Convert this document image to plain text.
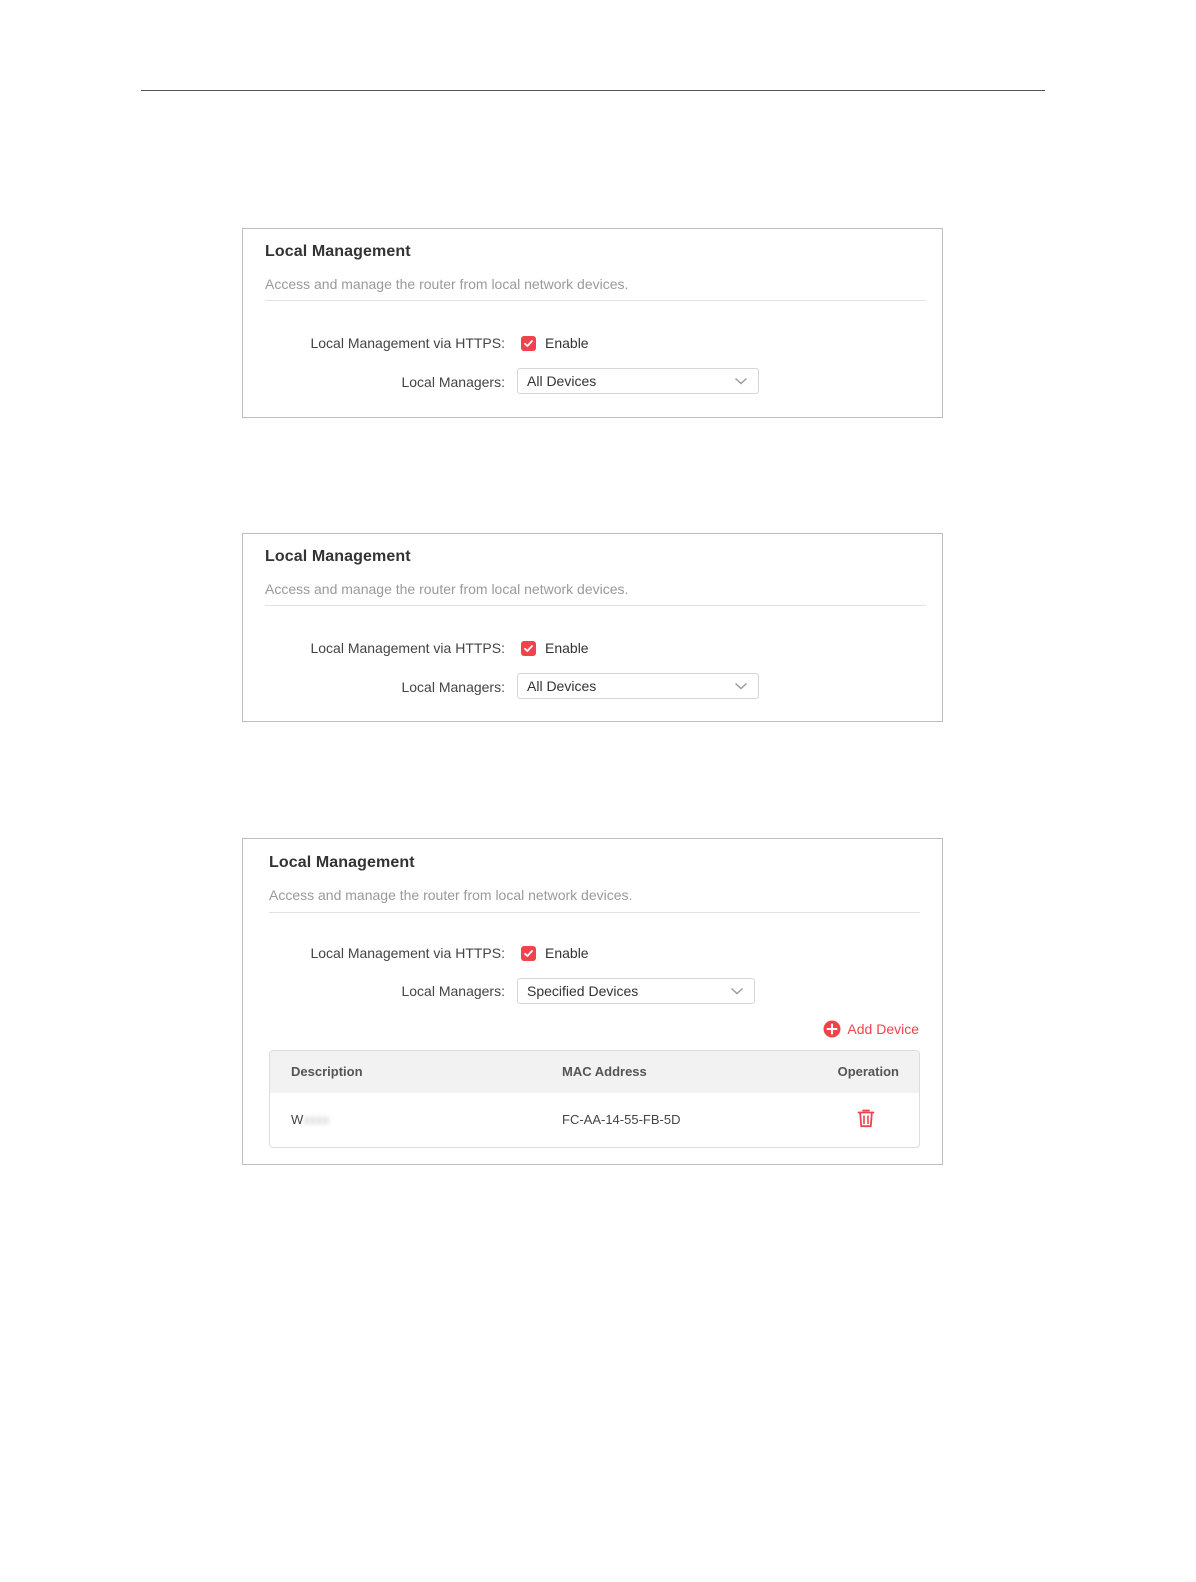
Local Management
Access and manage the router from local network devices.
Local Management via HTTPS:	Enable
Local Managers: All Devices
Local Management
Access and manage the router from local network devices.
Local Management via HTTPS:	Enable
Local Managers: All Devices
Local Management
Access and manage the router from local network devices.
Local Management via HTTPS:	Enable
Local Managers: Specified Devices
Add Device
Description	MAC Address	Operation
Wxxxx	FC-AA-14-55-FB-5D
